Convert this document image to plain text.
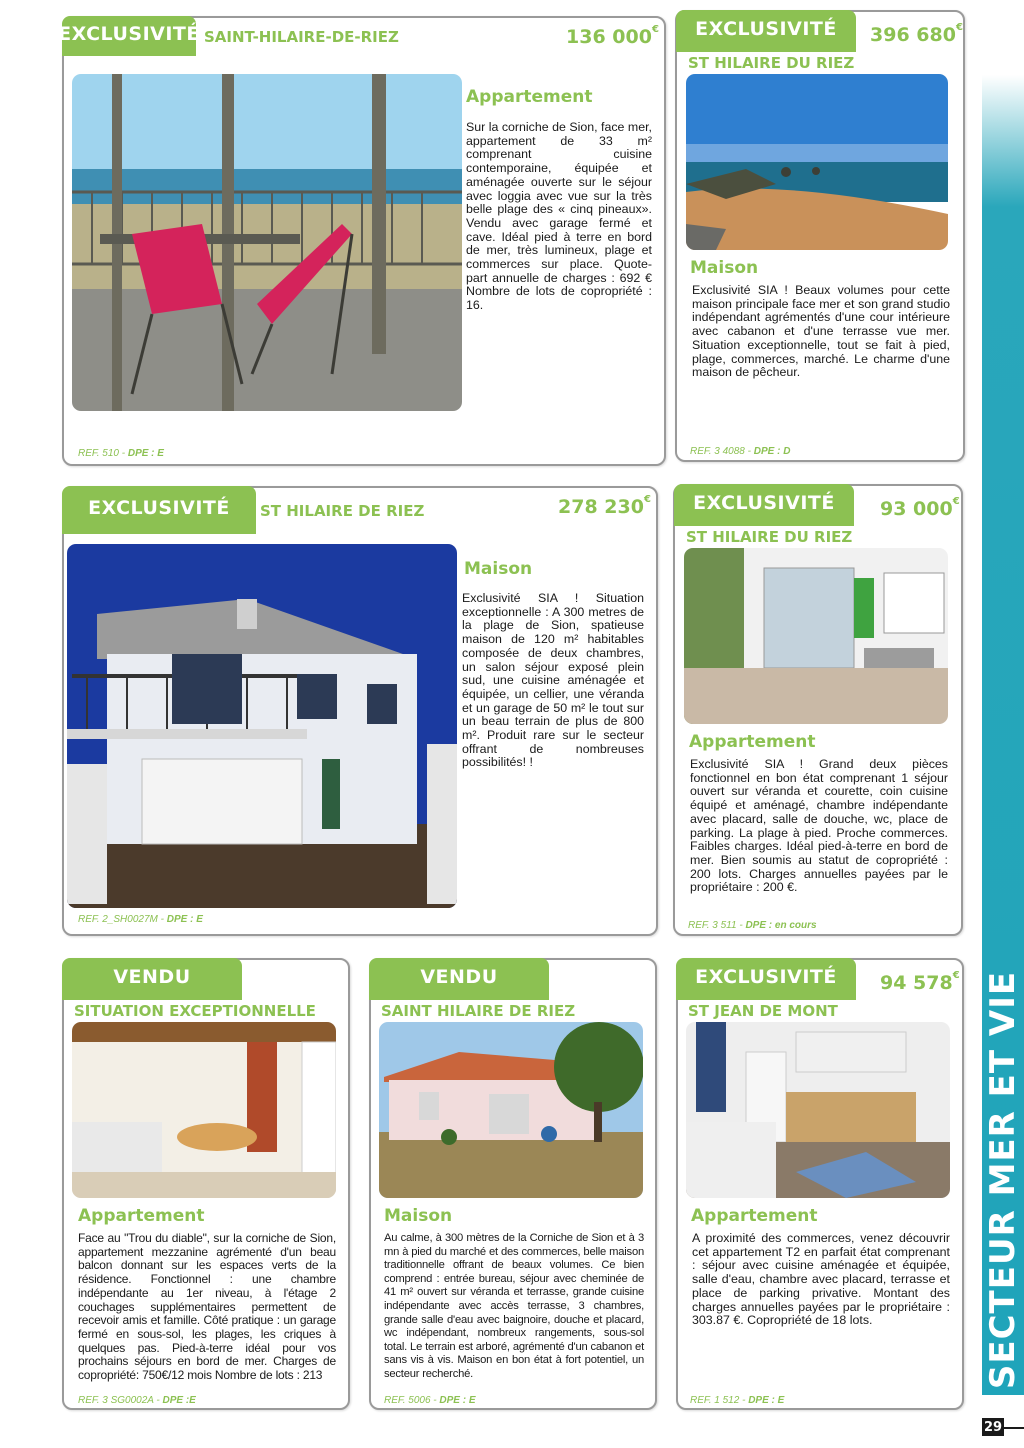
SECTEUR MER ET VIE
29
EXCLUSIVITÉ SAINT-HILAIRE-DE-RIEZ	136 000€
Appartement

Sur la corniche de Sion, face mer, appartement de 33 m² comprenant cuisine contemporaine, équipée et aménagée ouverte sur le séjour avec loggia avec vue sur la très belle plage des « cinq pineaux». Vendu avec garage fermé et cave. Idéal pied à terre en bord de mer, très lumineux, plage et commerces sur place. Quote- part annuelle de charges : 692 € Nombre de lots de copropriété : 16.

REF. 510 - DPE : E
EXCLUSIVITÉ	396 680€
ST HILAIRE DU RIEZ
Maison

Exclusivité SIA ! Beaux volumes pour cette maison principale face mer et son grand studio indépendant agrémentés d'une cour intérieure avec cabanon et d'une terrasse vue mer. Situation exceptionnelle, tout se fait à pied, plage, commerces, marché. Le charme d'une maison de pêcheur.

REF. 3 4088 - DPE : D
EXCLUSIVITÉ	ST HILAIRE DE RIEZ	278 230€
Maison

Exclusivité SIA ! Situation exceptionnelle : A 300 metres de la plage de Sion, spatieuse maison de 120 m² habitables composée de deux chambres, un salon séjour exposé plein sud, une cuisine aménagée et équipée, un cellier, une véranda et un garage de 50 m² le tout sur un beau terrain de plus de 800 m². Produit rare sur le secteur offrant de nombreuses possibilités! !

REF. 2_SH0027M - DPE : E
EXCLUSIVITÉ	93 000€
ST HILAIRE DU RIEZ
Appartement

Exclusivité SIA ! Grand deux pièces fonctionnel en bon état comprenant 1 séjour ouvert sur véranda et courette, coin cuisine équipé et aménagé, chambre indépendante avec placard, salle de douche, wc, place de parking. La plage à pied. Proche commerces. Faibles charges. Idéal pied-à-terre en bord de mer. Bien soumis au statut de copropriété : 200 lots. Charges annuelles payées par le propriétaire : 200 €.

REF. 3 511 - DPE : en cours
VENDU
SITUATION EXCEPTIONNELLE
Appartement

Face au "Trou du diable", sur la corniche de Sion, appartement mezzanine agrémenté d'un beau balcon donnant sur les espaces verts de la résidence. Fonctionnel : une chambre indépendante au 1er niveau, à l'étage 2 couchages supplémentaires permettent de recevoir amis et famille. Côté pratique : un garage fermé en sous-sol, les plages, les criques à quelques pas. Pied-à-terre idéal pour vos prochains séjours en bord de mer. Charges de copropriété: 750€/12 mois Nombre de lots : 213

REF. 3 SG0002A - DPE :E
VENDU
SAINT HILAIRE DE RIEZ
Maison

Au calme, à 300 mètres de la Corniche de Sion et à 3 mn à pied du marché et des commerces, belle maison traditionnelle offrant de beaux volumes. Ce bien comprend : entrée bureau, séjour avec cheminée de 41 m² ouvert sur véranda et terrasse, grande cuisine indépendante avec accès terrasse, 3 chambres, grande salle d'eau avec baignoire, douche et placard, wc indépendant, nombreux rangements, sous-sol total. Le terrain est arboré, agrémenté d'un cabanon et sans vis à vis. Maison en bon état à fort potentiel, un secteur recherché.

REF. 5006 - DPE : E
EXCLUSIVITÉ	94 578€
ST JEAN DE MONT
Appartement

A proximité des commerces, venez découvrir cet appartement T2 en parfait état comprenant : séjour avec cuisine aménagée et équipée, salle d'eau, chambre avec placard, terrasse et place de parking privative. Montant des charges annuelles payées par le propriétaire : 303.87 €. Copropriété de 18 lots.

REF. 1 512 - DPE : E
